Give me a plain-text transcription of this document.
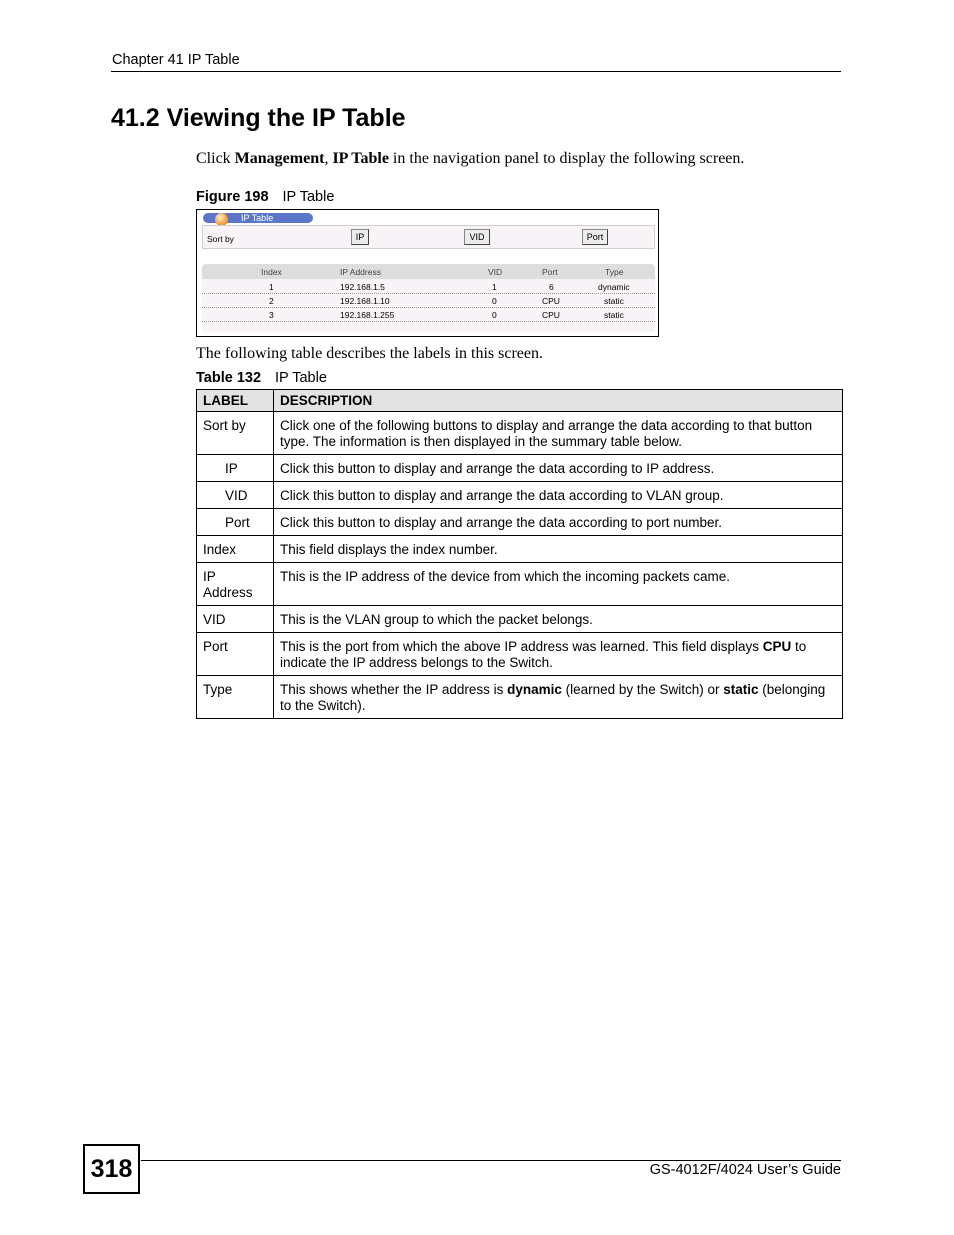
Chapter 41 IP Table
41.2 Viewing the IP Table
Click Management, IP Table in the navigation panel to display the following screen.
Figure 198 IP Table
IP Table
Sort by	IP	VID	Port
Index	IP Address	VID	Port	Type
1	192.168.1.5	1	6	dynamic
2	192.168.1.10	0	CPU	static
3	192.168.1.255	0	CPU	static
The following table describes the labels in this screen.
Table 132 IP Table
LABEL	DESCRIPTION
Sort by	Click one of the following buttons to display and arrange the data according to that button type. The information is then displayed in the summary table below.
IP	Click this button to display and arrange the data according to IP address.
VID	Click this button to display and arrange the data according to VLAN group.
Port	Click this button to display and arrange the data according to port number.
Index	This field displays the index number.
IP Address	This is the IP address of the device from which the incoming packets came.
VID	This is the VLAN group to which the packet belongs.
Port	This is the port from which the above IP address was learned. This field displays CPU to indicate the IP address belongs to the Switch.
Type	This shows whether the IP address is dynamic (learned by the Switch) or static (belonging to the Switch).
318	GS-4012F/4024 User’s Guide
